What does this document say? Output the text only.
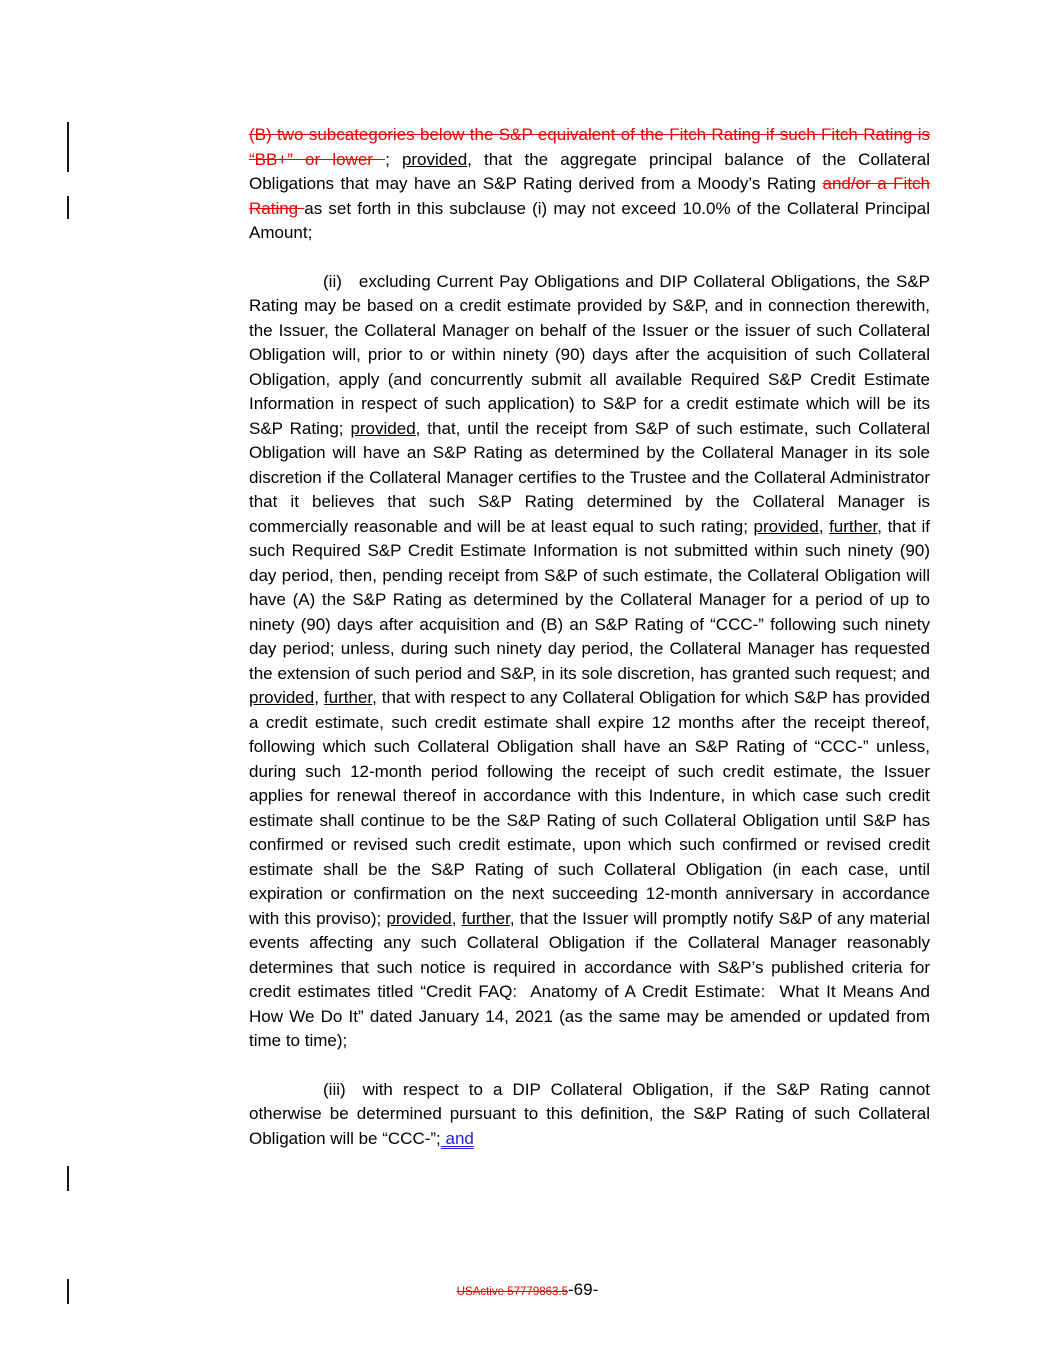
(B) two subcategories below the S&P equivalent of the Fitch Rating if such Fitch Rating is “BB+” or lower ; provided, that the aggregate principal balance of the Collateral Obligations that may have an S&P Rating derived from a Moody’s Rating and/or a Fitch Rating as set forth in this subclause (i) may not exceed 10.0% of the Collateral Principal Amount;

(ii) excluding Current Pay Obligations and DIP Collateral Obligations, the S&P Rating may be based on a credit estimate provided by S&P, and in connection therewith, the Issuer, the Collateral Manager on behalf of the Issuer or the issuer of such Collateral Obligation will, prior to or within ninety (90) days after the acquisition of such Collateral Obligation, apply (and concurrently submit all available Required S&P Credit Estimate Information in respect of such application) to S&P for a credit estimate which will be its S&P Rating; provided, that, until the receipt from S&P of such estimate, such Collateral Obligation will have an S&P Rating as determined by the Collateral Manager in its sole discretion if the Collateral Manager certifies to the Trustee and the Collateral Administrator that it believes that such S&P Rating determined by the Collateral Manager is commercially reasonable and will be at least equal to such rating; provided, further, that if such Required S&P Credit Estimate Information is not submitted within such ninety (90) day period, then, pending receipt from S&P of such estimate, the Collateral Obligation will have (A) the S&P Rating as determined by the Collateral Manager for a period of up to ninety (90) days after acquisition and (B) an S&P Rating of “CCC-” following such ninety day period; unless, during such ninety day period, the Collateral Manager has requested the extension of such period and S&P, in its sole discretion, has granted such request; and provided, further, that with respect to any Collateral Obligation for which S&P has provided a credit estimate, such credit estimate shall expire 12 months after the receipt thereof, following which such Collateral Obligation shall have an S&P Rating of “CCC-” unless, during such 12-month period following the receipt of such credit estimate, the Issuer applies for renewal thereof in accordance with this Indenture, in which case such credit estimate shall continue to be the S&P Rating of such Collateral Obligation until S&P has confirmed or revised such credit estimate, upon which such confirmed or revised credit estimate shall be the S&P Rating of such Collateral Obligation (in each case, until expiration or confirmation on the next succeeding 12-month anniversary in accordance with this proviso); provided, further, that the Issuer will promptly notify S&P of any material events affecting any such Collateral Obligation if the Collateral Manager reasonably determines that such notice is required in accordance with S&P’s published criteria for credit estimates titled “Credit FAQ:  Anatomy of A Credit Estimate:  What It Means And How We Do It” dated January 14, 2021 (as the same may be amended or updated from time to time);

(iii) with respect to a DIP Collateral Obligation, if the S&P Rating cannot otherwise be determined pursuant to this definition, the S&P Rating of such Collateral Obligation will be “CCC-”; and

USActive 57779863.5-69-
